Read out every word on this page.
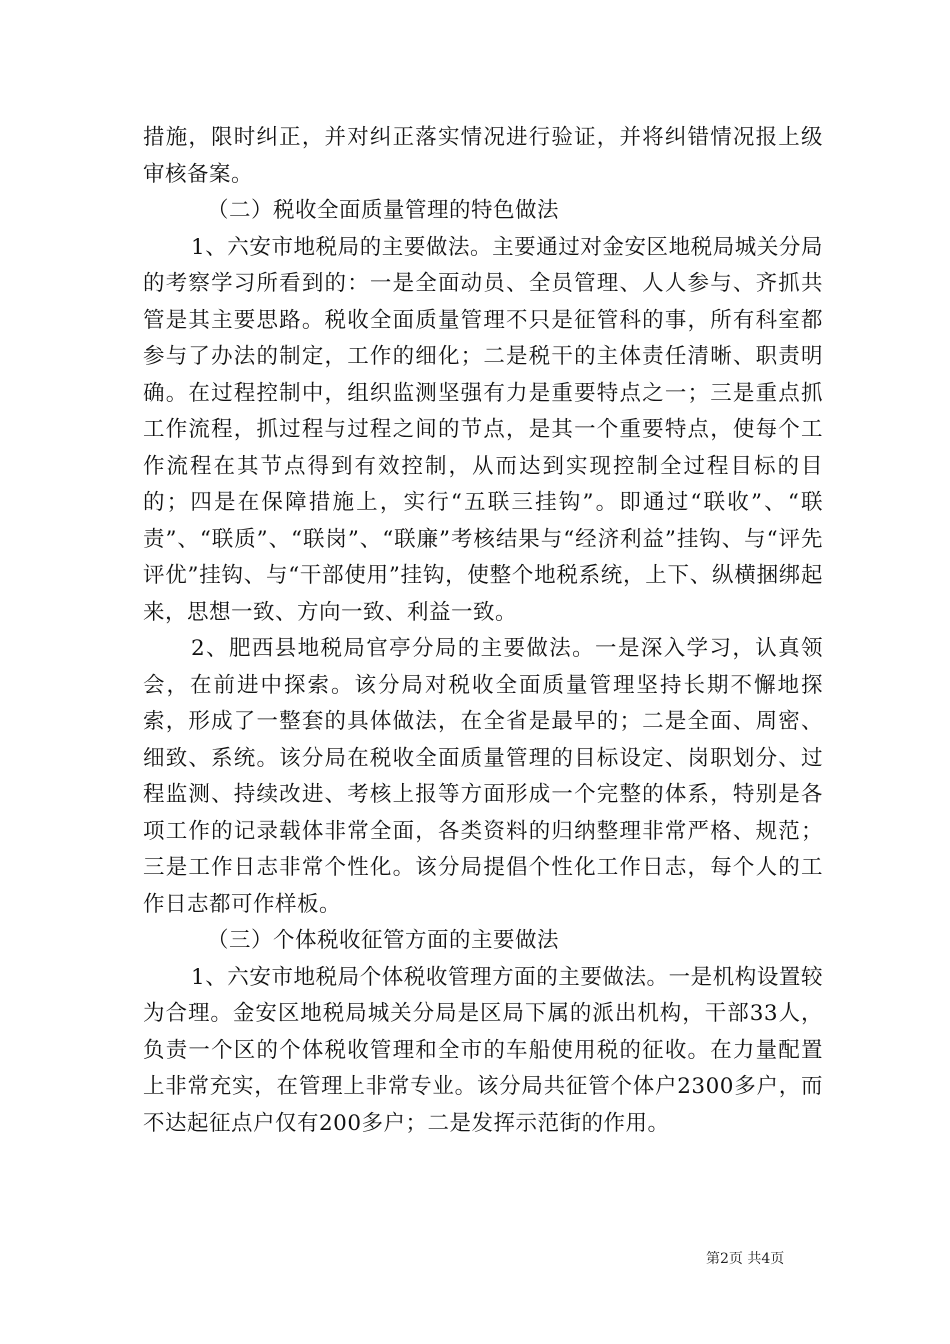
措施，限时纠正，并对纠正落实情况进行验证，并将纠错情况报上级审核备案。

（二）税收全面质量管理的特色做法

1、六安市地税局的主要做法。主要通过对金安区地税局城关分局的考察学习所看到的：一是全面动员、全员管理、人人参与、齐抓共管是其主要思路。税收全面质量管理不只是征管科的事，所有科室都参与了办法的制定，工作的细化；二是税干的主体责任清晰、职责明确。在过程控制中，组织监测坚强有力是重要特点之一；三是重点抓工作流程，抓过程与过程之间的节点，是其一个重要特点，使每个工作流程在其节点得到有效控制，从而达到实现控制全过程目标的目的；四是在保障措施上，实行“五联三挂钩”。即通过“联收”、“联责”、“联质”、“联岗”、“联廉”考核结果与“经济利益”挂钩、与“评先评优”挂钩、与“干部使用”挂钩，使整个地税系统，上下、纵横捆绑起来，思想一致、方向一致、利益一致。

2、肥西县地税局官亭分局的主要做法。一是深入学习，认真领会，在前进中探索。该分局对税收全面质量管理坚持长期不懈地探索，形成了一整套的具体做法，在全省是最早的；二是全面、周密、细致、系统。该分局在税收全面质量管理的目标设定、岗职划分、过程监测、持续改进、考核上报等方面形成一个完整的体系，特别是各项工作的记录载体非常全面，各类资料的归纳整理非常严格、规范；三是工作日志非常个性化。该分局提倡个性化工作日志，每个人的工作日志都可作样板。

（三）个体税收征管方面的主要做法

1、六安市地税局个体税收管理方面的主要做法。一是机构设置较为合理。金安区地税局城关分局是区局下属的派出机构，干部33人，负责一个区的个体税收管理和全市的车船使用税的征收。在力量配置上非常充实，在管理上非常专业。该分局共征管个体户2300多户，而不达起征点户仅有200多户；二是发挥示范街的作用。

第2页 共4页
